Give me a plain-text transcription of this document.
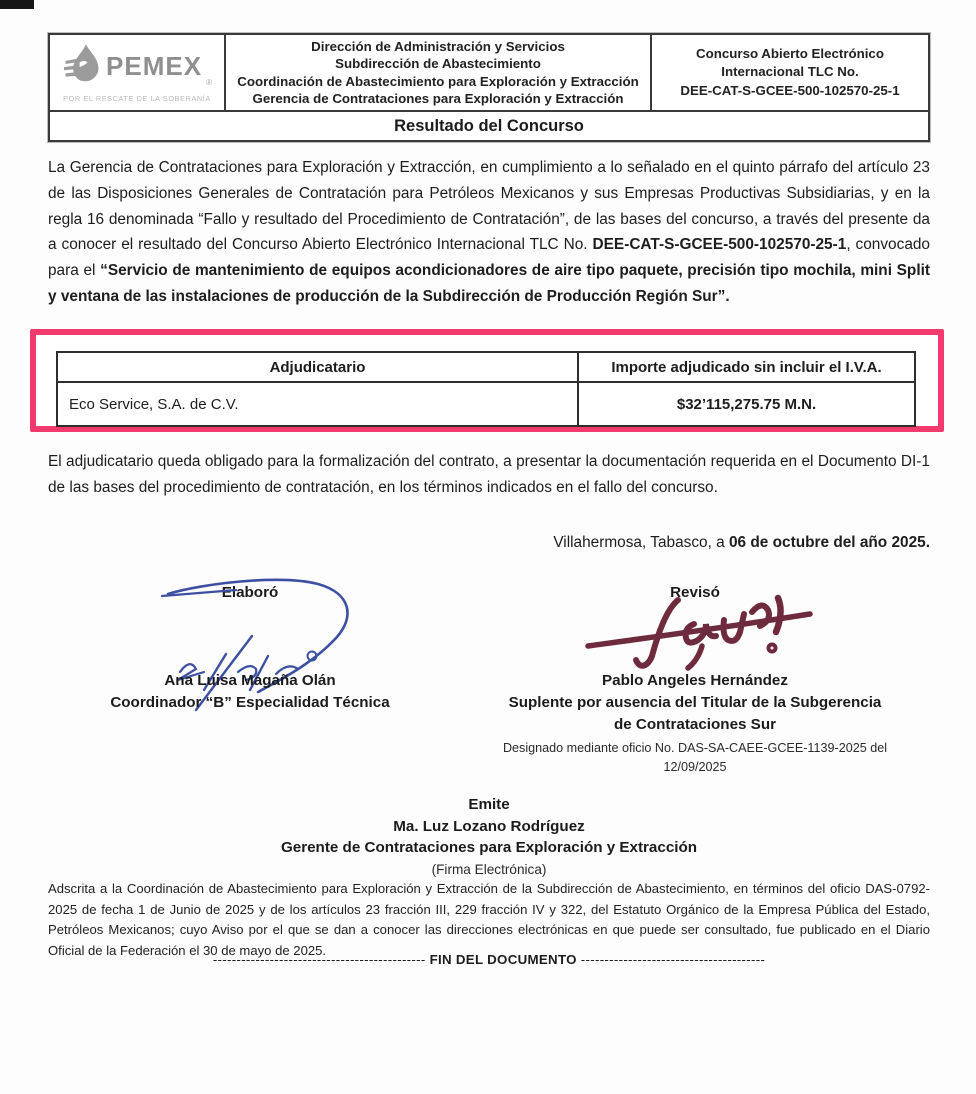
PEMEX
®
POR EL RESCATE DE LA SOBERANÍA
Dirección de Administración y Servicios
Subdirección de Abastecimiento
Coordinación de Abastecimiento para Exploración y Extracción
Gerencia de Contrataciones para Exploración y Extracción
Concurso Abierto Electrónico
Internacional TLC No.
DEE-CAT-S-GCEE-500-102570-25-1
Resultado del Concurso
La Gerencia de Contrataciones para Exploración y Extracción, en cumplimiento a lo señalado en el quinto párrafo del artículo 23 de las Disposiciones Generales de Contratación para Petróleos Mexicanos y sus Empresas Productivas Subsidiarias, y en la regla 16 denominada “Fallo y resultado del Procedimiento de Contratación”, de las bases del concurso, a través del presente da a conocer el resultado del Concurso Abierto Electrónico Internacional TLC No. DEE-CAT-S-GCEE-500-102570-25-1, convocado para el “Servicio de mantenimiento de equipos acondicionadores de aire tipo paquete, precisión tipo mochila, mini Split y ventana de las instalaciones de producción de la Subdirección de Producción Región Sur”.
Adjudicatario	Importe adjudicado sin incluir el I.V.A.
Eco Service, S.A. de C.V.	$32’115,275.75 M.N.
El adjudicatario queda obligado para la formalización del contrato, a presentar la documentación requerida en el Documento DI-1 de las bases del procedimiento de contratación, en los términos indicados en el fallo del concurso.
Villahermosa, Tabasco, a 06 de octubre del año 2025.
Elaboró	Revisó
Ana Luisa Magaña Olán
Coordinador “B” Especialidad Técnica
Pablo Angeles Hernández
Suplente por ausencia del Titular de la Subgerencia
de Contrataciones Sur
Designado mediante oficio No. DAS-SA-CAEE-GCEE-1139-2025 del
12/09/2025
Emite
Ma. Luz Lozano Rodríguez
Gerente de Contrataciones para Exploración y Extracción
(Firma Electrónica)
Adscrita a la Coordinación de Abastecimiento para Exploración y Extracción de la Subdirección de Abastecimiento, en términos del oficio DAS-0792-2025 de fecha 1 de Junio de 2025 y de los artículos 23 fracción III, 229 fracción IV y 322, del Estatuto Orgánico de la Empresa Pública del Estado, Petróleos Mexicanos; cuyo Aviso por el que se dan a conocer las direcciones electrónicas en que puede ser consultado, fue publicado en el Diario Oficial de la Federación el 30 de mayo de 2025.
--------------------------------------------- FIN DEL DOCUMENTO ---------------------------------------
